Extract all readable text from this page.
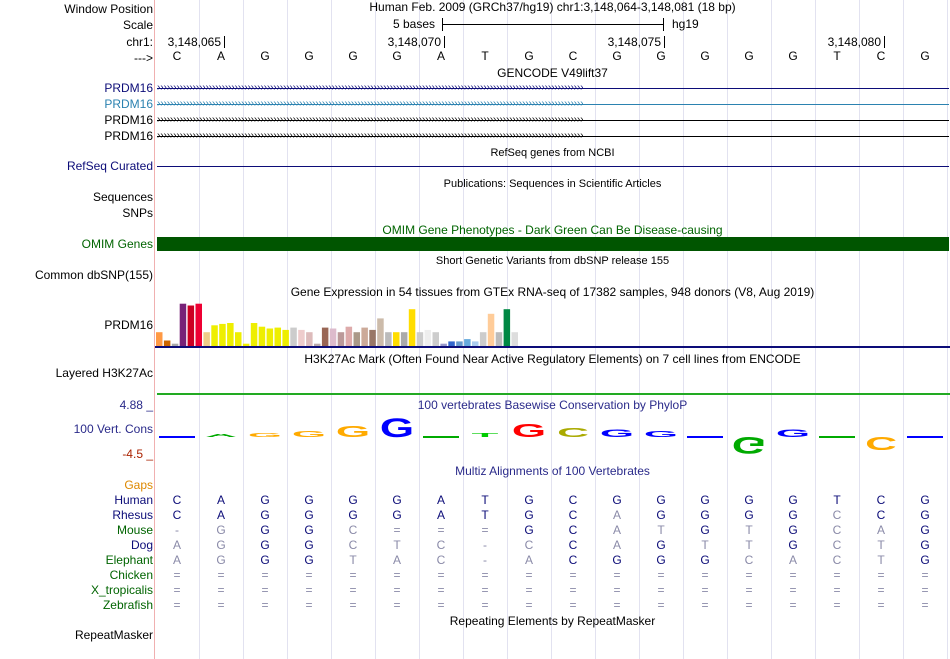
Window Position	Human Feb. 2009 (GRCh37/hg19) chr1:3,148,064-3,148,081 (18 bp)
Scale	5 bases	hg19
chr1: 3,148,065	3,148,070	3,148,075	3,148,080
--->	C	A	G	G	G	G	A	T	G	C	G	G	G	G	G	T	C	G
GENCODE V49lift37
PRDM16 ››››››››››››››››››››››››››››››››››››››››››››››››››››››››››››››››››››››››››››››››››››››››››››››››››››››››››››››››››››››››››››››››››››
PRDM16 ››››››››››››››››››››››››››››››››››››››››››››››››››››››››››››››››››››››››››››››››››››››››››››››››››››››››››››››››››››››››››››››››››››
PRDM16 ››››››››››››››››››››››››››››››››››››››››››››››››››››››››››››››››››››››››››››››››››››››››››››››››››››››››››››››››››››››››››››››››››››
PRDM16 ››››››››››››››››››››››››››››››››››››››››››››››››››››››››››››››››››››››››››››››››››››››››››››››››››››››››››››››››››››››››››››››››››››
RefSeq genes from NCBI
RefSeq Curated
Publications: Sequences in Scientific Articles
Sequences
SNPs
OMIM Gene Phenotypes - Dark Green Can Be Disease-causing
OMIM Genes
Short Genetic Variants from dbSNP release 155
Common dbSNP(155)
Gene Expression in 54 tissues from GTEx RNA-seq of 17382 samples, 948 donors (V8, Aug 2019)
PRDM16
H3K27Ac Mark (Often Found Near Active Regulatory Elements) on 7 cell lines from ENCODE
Layered H3K27Ac
100 vertebrates Basewise Conservation by PhyloP
4.88 _
100 Vert. Cons
-4.5 _
A G G G G	T G C G G	G G	C
Multiz Alignments of 100 Vertebrates
Gaps
Human	C	A	G	G	G	G	A	T	G	C	G	G	G	G	G	T	C	G
Rhesus	C	A	G	G	G	G	A	T	G	C	A	G	G	G	G	C	C	G
Mouse	-	G	G	G	C	=	=	=	G	C	A	T	G	T	G	C	A	G
Dog	A	G	G	G	C	T	C	-	C	C	A	G	T	T	G	C	T	G
Elephant	A	G	G	G	T	A	C	-	A	C	G	G	G	C	A	C	T	G
Chicken	=	=	=	=	=	=	=	=	=	=	=	=	=	=	=	=	=	=
X_tropicalis	=	=	=	=	=	=	=	=	=	=	=	=	=	=	=	=	=	=
Zebrafish	=	=	=	=	=	=	=	=	=	=	=	=	=	=	=	=	=	=
Repeating Elements by RepeatMasker
RepeatMasker
